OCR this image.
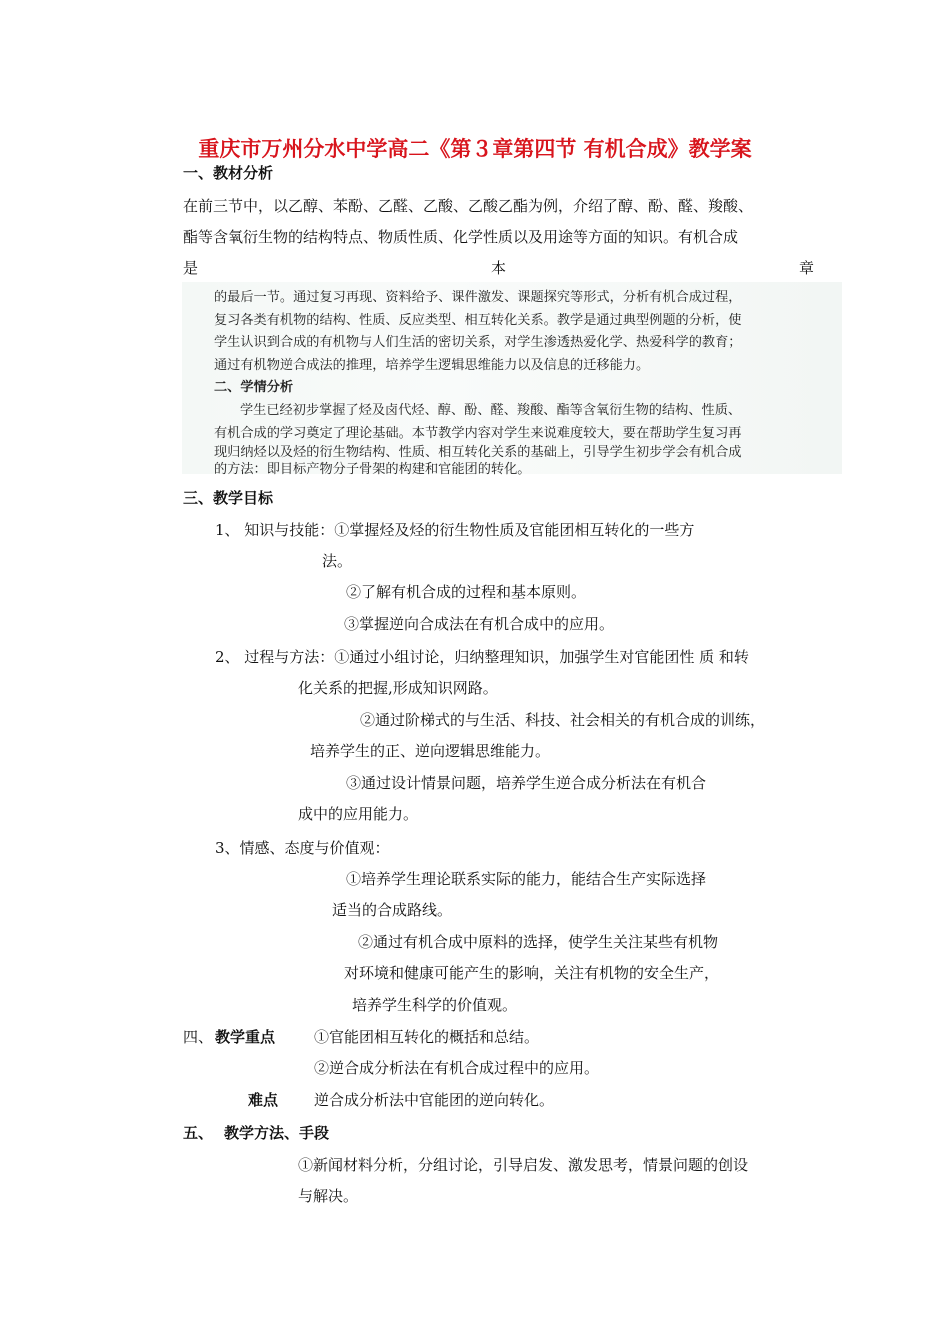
重庆市万州分水中学高二《第３章第四节 有机合成》教学案
一、教材分析
在前三节中，以乙醇、苯酚、乙醛、乙酸、乙酸乙酯为例，介绍了醇、酚、醛、羧酸、
酯等含氧衍生物的结构特点、物质性质、化学性质以及用途等方面的知识。有机合成
是	本	章
的最后一节。通过复习再现、资料给予、课件激发、课题探究等形式，分析有机合成过程，
复习各类有机物的结构、性质、反应类型、相互转化关系。教学是通过典型例题的分析，使
学生认识到合成的有机物与人们生活的密切关系，对学生渗透热爱化学、热爱科学的教育；
通过有机物逆合成法的推理，培养学生逻辑思维能力以及信息的迁移能力。
二、学情分析
学生已经初步掌握了烃及卤代烃、醇、酚、醛、羧酸、酯等含氧衍生物的结构、性质、
有机合成的学习奠定了理论基础。本节教学内容对学生来说难度较大，要在帮助学生复习再
现归纳烃以及烃的衍生物结构、性质、相互转化关系的基础上，引导学生初步学会有机合成
的方法：即目标产物分子骨架的构建和官能团的转化。
三、教学目标
1、 知识与技能：①掌握烃及烃的衍生物性质及官能团相互转化的一些方
法。
②了解有机合成的过程和基本原则。
③掌握逆向合成法在有机合成中的应用。
2、 过程与方法：①通过小组讨论，归纳整理知识，加强学生对官能团性 质 和转
化关系的把握,形成知识网路。
②通过阶梯式的与生活、科技、社会相关的有机合成的训练，
培养学生的正、逆向逻辑思维能力。
③通过设计情景问题，培养学生逆合成分析法在有机合
成中的应用能力。
3、情感、态度与价值观：
①培养学生理论联系实际的能力，能结合生产实际选择
适当的合成路线。
②通过有机合成中原料的选择，使学生关注某些有机物
对环境和健康可能产生的影响，关注有机物的安全生产，
培养学生科学的价值观。
四、 教学重点	①官能团相互转化的概括和总结。
②逆合成分析法在有机合成过程中的应用。
难点 逆合成分析法中官能团的逆向转化。
五、 教学方法、手段
①新闻材料分析，分组讨论，引导启发、激发思考，情景问题的创设
与解决。
